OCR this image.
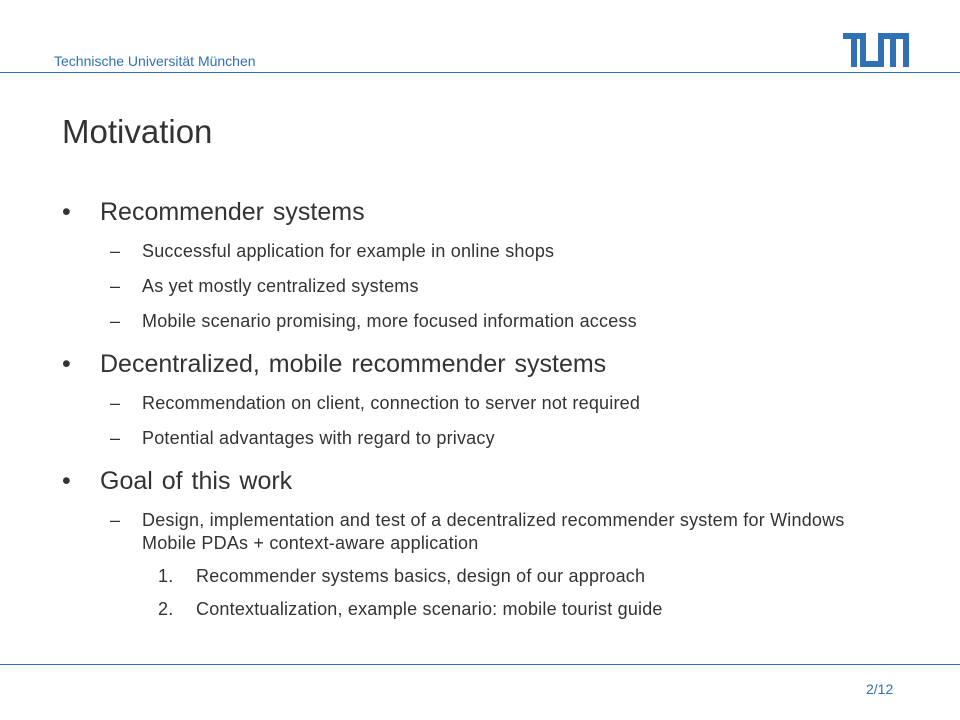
Technische Universität München
Motivation
• Recommender systems
– Successful application for example in online shops
– As yet mostly centralized systems
– Mobile scenario promising, more focused information access
• Decentralized, mobile recommender systems
– Recommendation on client, connection to server not required
– Potential advantages with regard to privacy
• Goal of this work
– Design, implementation and test of a decentralized recommender system for Windows Mobile PDAs + context-aware application
1. Recommender systems basics, design of our approach
2. Contextualization, example scenario: mobile tourist guide
2/12
